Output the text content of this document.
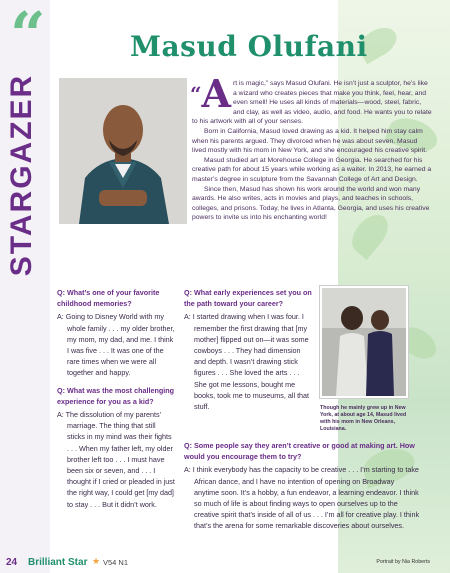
“
STARGAZER
Masud Olufani

“A rt is magic,” says Masud Olufani. He isn’t just a sculptor, he’s like a wizard who creates pieces that make you think, feel, hear, and even smell! He uses all kinds of materials—wood, steel, fabric, and clay, as well as video, audio, and food. He wants you to relate to his artwork with all of your senses.

Born in California, Masud loved drawing as a kid. It helped him stay calm when his parents argued. They divorced when he was about seven. Masud lived mostly with his mom in New York, and she encouraged his creative spirit.

Masud studied art at Morehouse College in Georgia. He searched for his creative path for about 15 years while working as a waiter. In 2013, he earned a master’s degree in sculpture from the Savannah College of Art and Design.

Since then, Masud has shown his work around the world and won many awards. He also writes, acts in movies and plays, and teaches in schools, colleges, and prisons. Today, he lives in Atlanta, Georgia, and uses his creative powers to invite us into his enchanting world!

Q: What’s one of your favorite childhood memories?

A: Going to Disney World with my whole family . . . my older brother, my mom, my dad, and me. I think I was five . . . It was one of the rare times when we were all together and happy.

Q: What was the most challenging experience for you as a kid?

A: The dissolution of my parents’ marriage. The thing that still sticks in my mind was their fights . . . When my father left, my older brother left too . . . I must have been six or seven, and . . . I thought if I cried or pleaded in just the right way, I could get [my dad] to stay . . . But it didn’t work.

Q: What early experiences set you on the path toward your career?

A: I started drawing when I was four. I remember the first drawing that [my mother] flipped out on—it was some cowboys . . . They had dimension and depth. I wasn’t drawing stick figures . . . She loved the arts . . . She got me lessons, bought me books, took me to museums, all that stuff.	Though he mainly grew up in New York, at about age 14, Masud lived with his mom in New Orleans, Louisiana.

Q: Some people say they aren’t creative or good at making art. How would you encourage them to try?

A: I think everybody has the capacity to be creative . . . I’m starting to take African dance, and I have no intention of opening on Broadway anytime soon. It’s a hobby, a fun endeavor, a learning endeavor. I think so much of life is about finding ways to open ourselves up to the creative spirit that’s inside of all of us . . . I’m all for creative play. I think that’s the arena for some remarkable discoveries about ourselves.

24 Brilliant Star ★ V54 N1	Portrait by Nia Roberts
